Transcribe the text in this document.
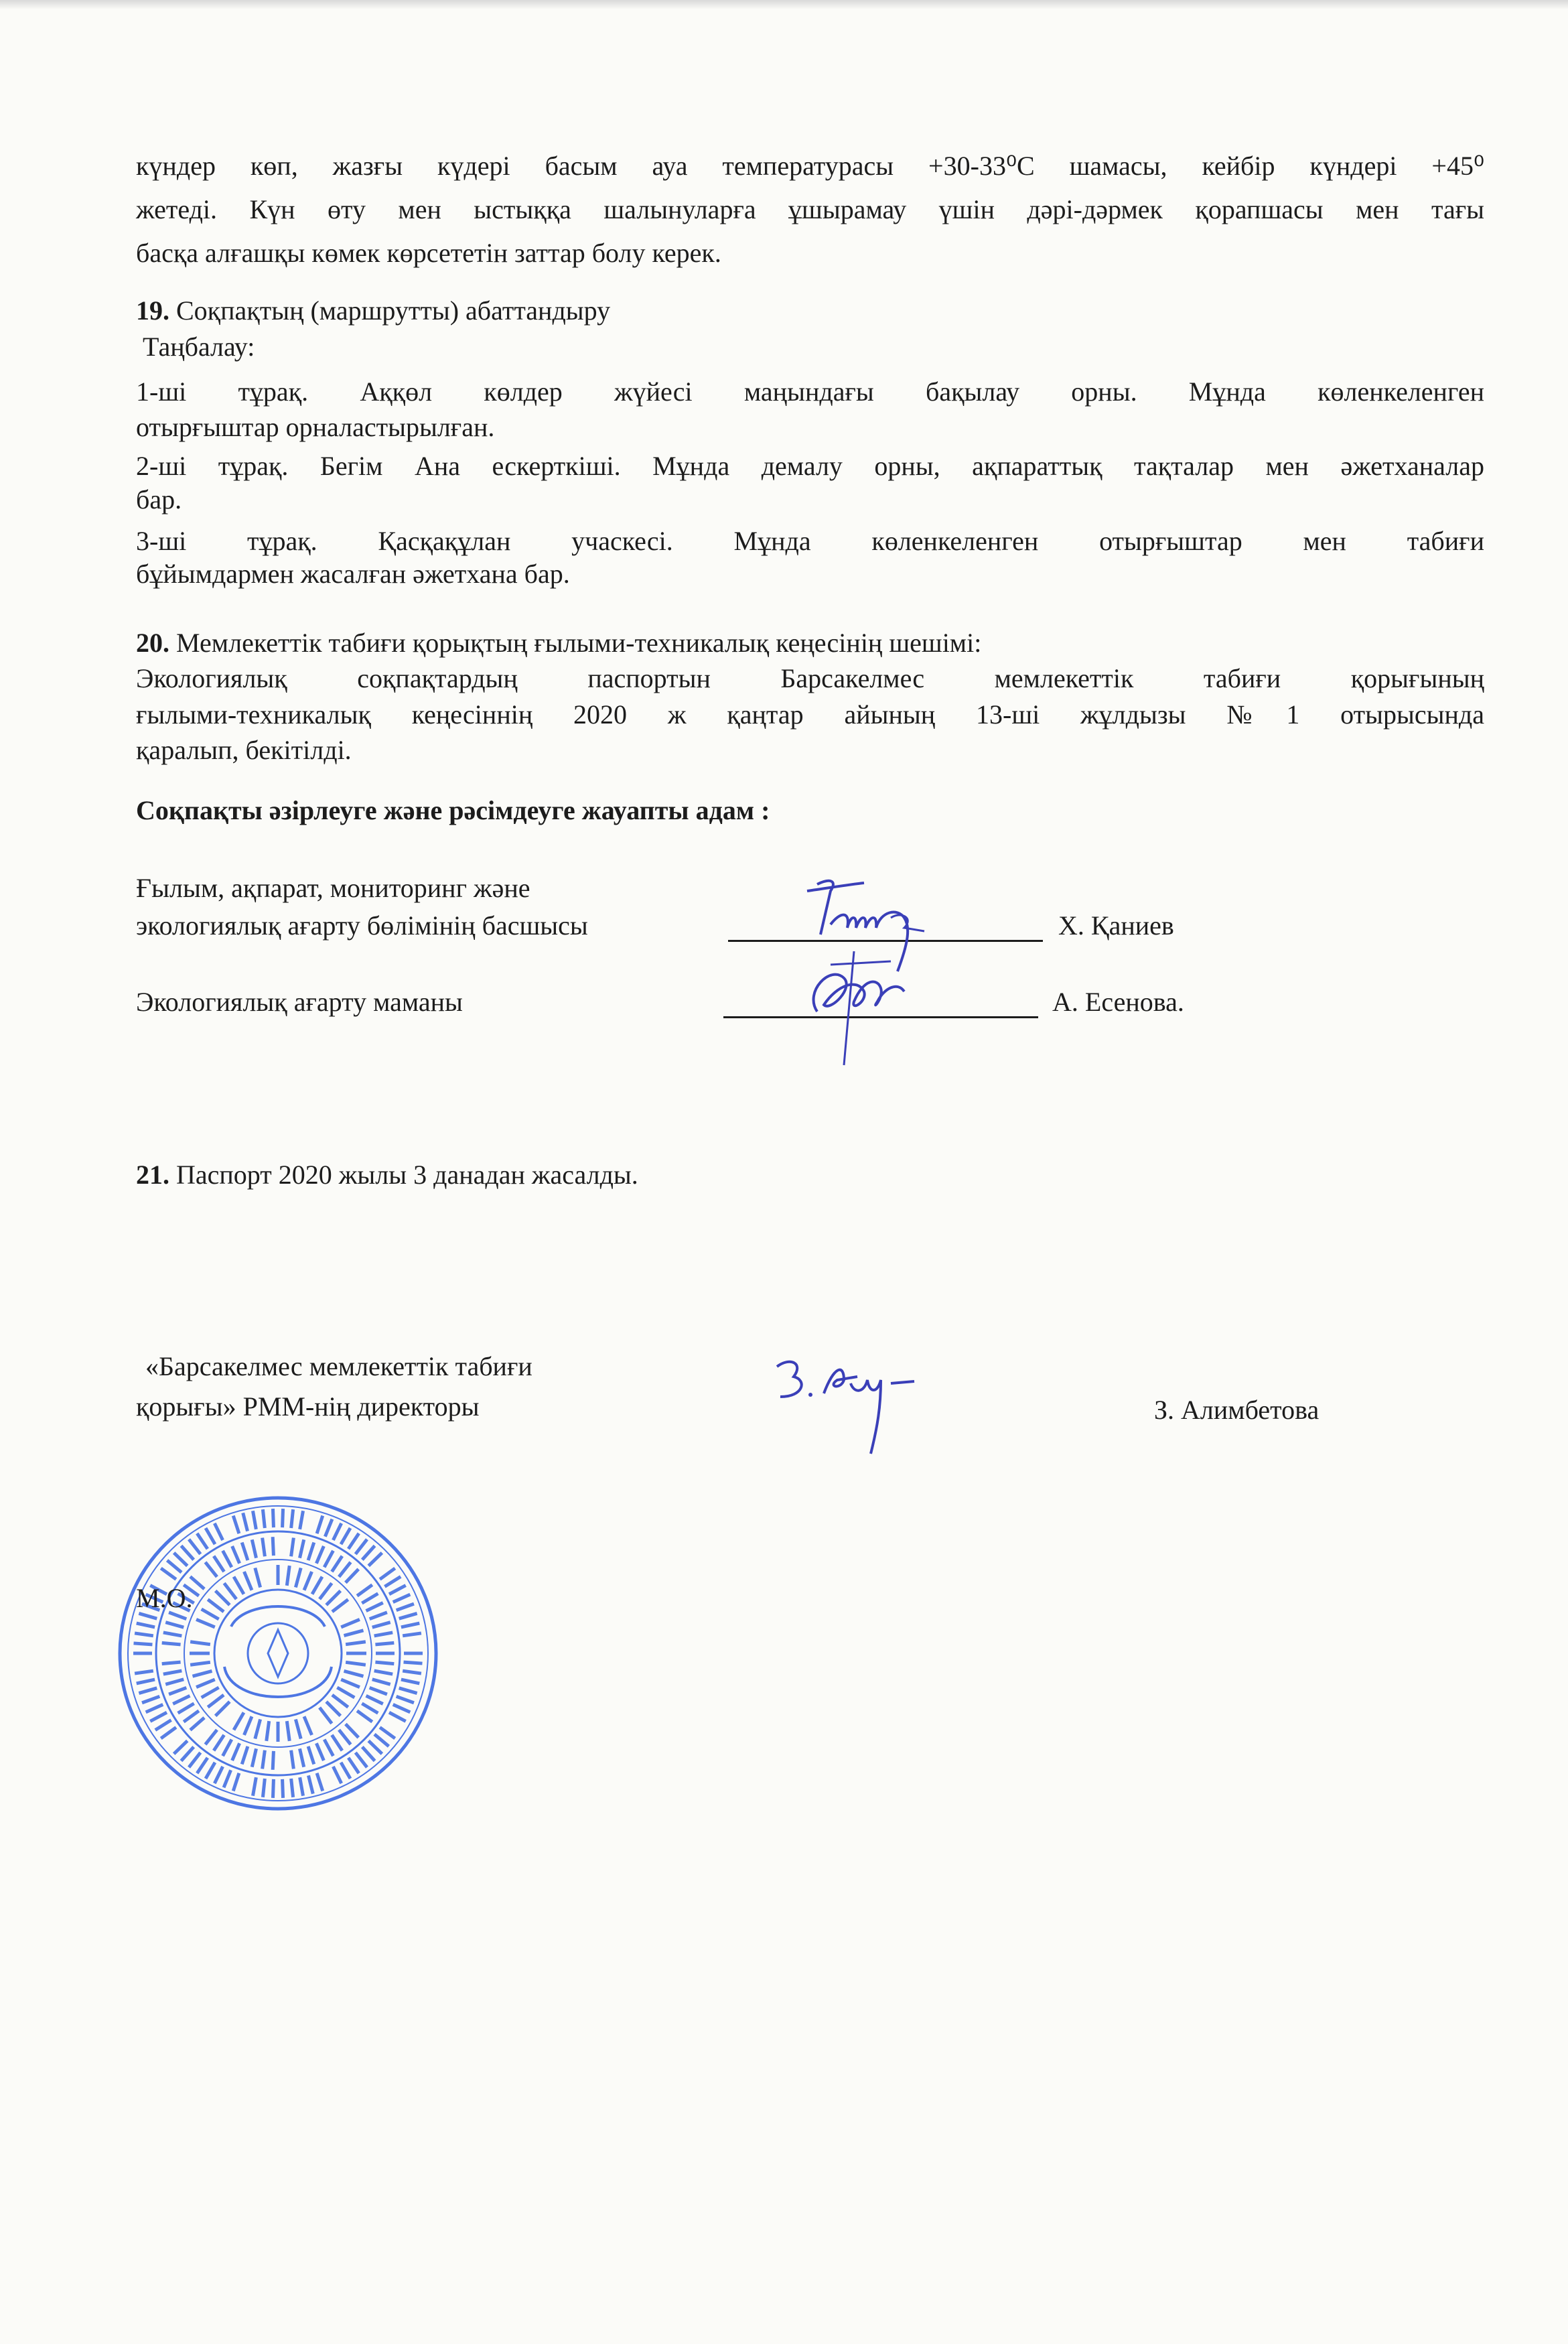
күндер көп, жазғы күдері басым ауа температурасы +30-33⁰С шамасы, кейбір күндері +45⁰
жетеді. Күн өту мен ыстыққа шалынуларға ұшырамау үшін дәрі-дәрмек қорапшасы мен тағы
басқа алғашқы көмек көрсететін заттар болу керек.
19. Соқпақтың (маршрутты) абаттандыру
Таңбалау:
1-ші тұрақ. Аққөл көлдер жүйесі маңындағы бақылау орны. Мұнда көленкеленген
отырғыштар орналастырылған.
2-ші тұрақ. Бегім Ана ескерткіші. Мұнда демалу орны, ақпараттық тақталар мен әжетханалар
бар.
3-ші тұрақ. Қасқақұлан учаскесі. Мұнда көленкеленген отырғыштар мен табиғи
бұйымдармен жасалған әжетхана бар.
20. Мемлекеттік табиғи қорықтың ғылыми-техникалық кеңесінің шешімі:
Экологиялық соқпақтардың паспортын Барсакелмес мемлекеттік табиғи қорығының
ғылыми-техникалық кеңесіннің 2020 ж қаңтар айының 13-ші жұлдызы №1 отырысында
қаралып, бекітілді.
Соқпақты әзірлеуге және рәсімдеуге жауапты адам :
Ғылым, ақпарат, мониторинг және
экологиялық ағарту бөлімінің басшысы	Х. Қаниев
Экологиялық ағарту маманы	А. Есенова.
21. Паспорт 2020 жылы 3 данадан жасалды.
«Барсакелмес мемлекеттік табиғи
қорығы» РММ-нің директоры	З. Алимбетова
М.О.
